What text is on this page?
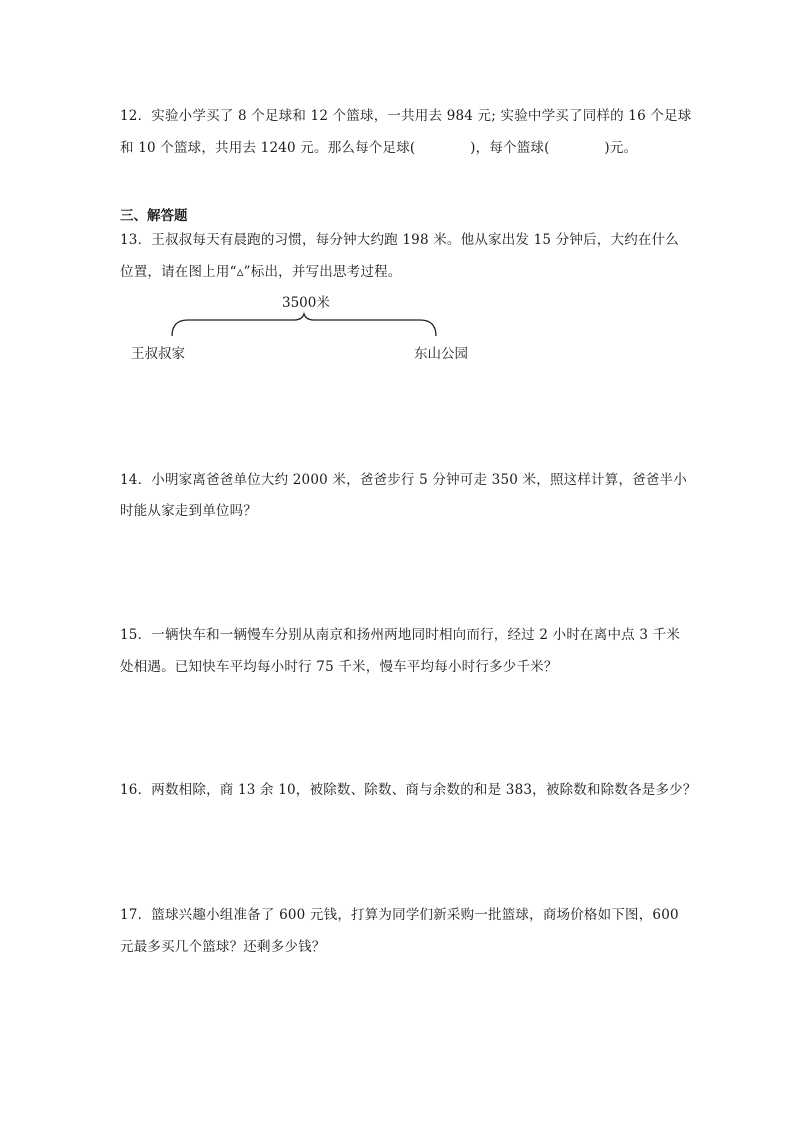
12．实验小学买了 8 个足球和 12 个篮球，一共用去 984 元; 实验中学买了同样的 16 个足球
和 10 个篮球，共用去 1240 元。那么每个足球(　　　　)，每个篮球(　　　　)元。
三、解答题
13．王叔叔每天有晨跑的习惯，每分钟大约跑 198 米。他从家出发 15 分钟后，大约在什么
位置，请在图上用“▵”标出，并写出思考过程。
3500米
王叔叔家	东山公园
14．小明家离爸爸单位大约 2000 米，爸爸步行 5 分钟可走 350 米，照这样计算，爸爸半小
时能从家走到单位吗？
15．一辆快车和一辆慢车分别从南京和扬州两地同时相向而行，经过 2 小时在离中点 3 千米
处相遇。已知快车平均每小时行 75 千米，慢车平均每小时行多少千米？
16．两数相除，商 13 余 10，被除数、除数、商与余数的和是 383，被除数和除数各是多少？
17．篮球兴趣小组准备了 600 元钱，打算为同学们新采购一批篮球，商场价格如下图，600
元最多买几个篮球？还剩多少钱？
